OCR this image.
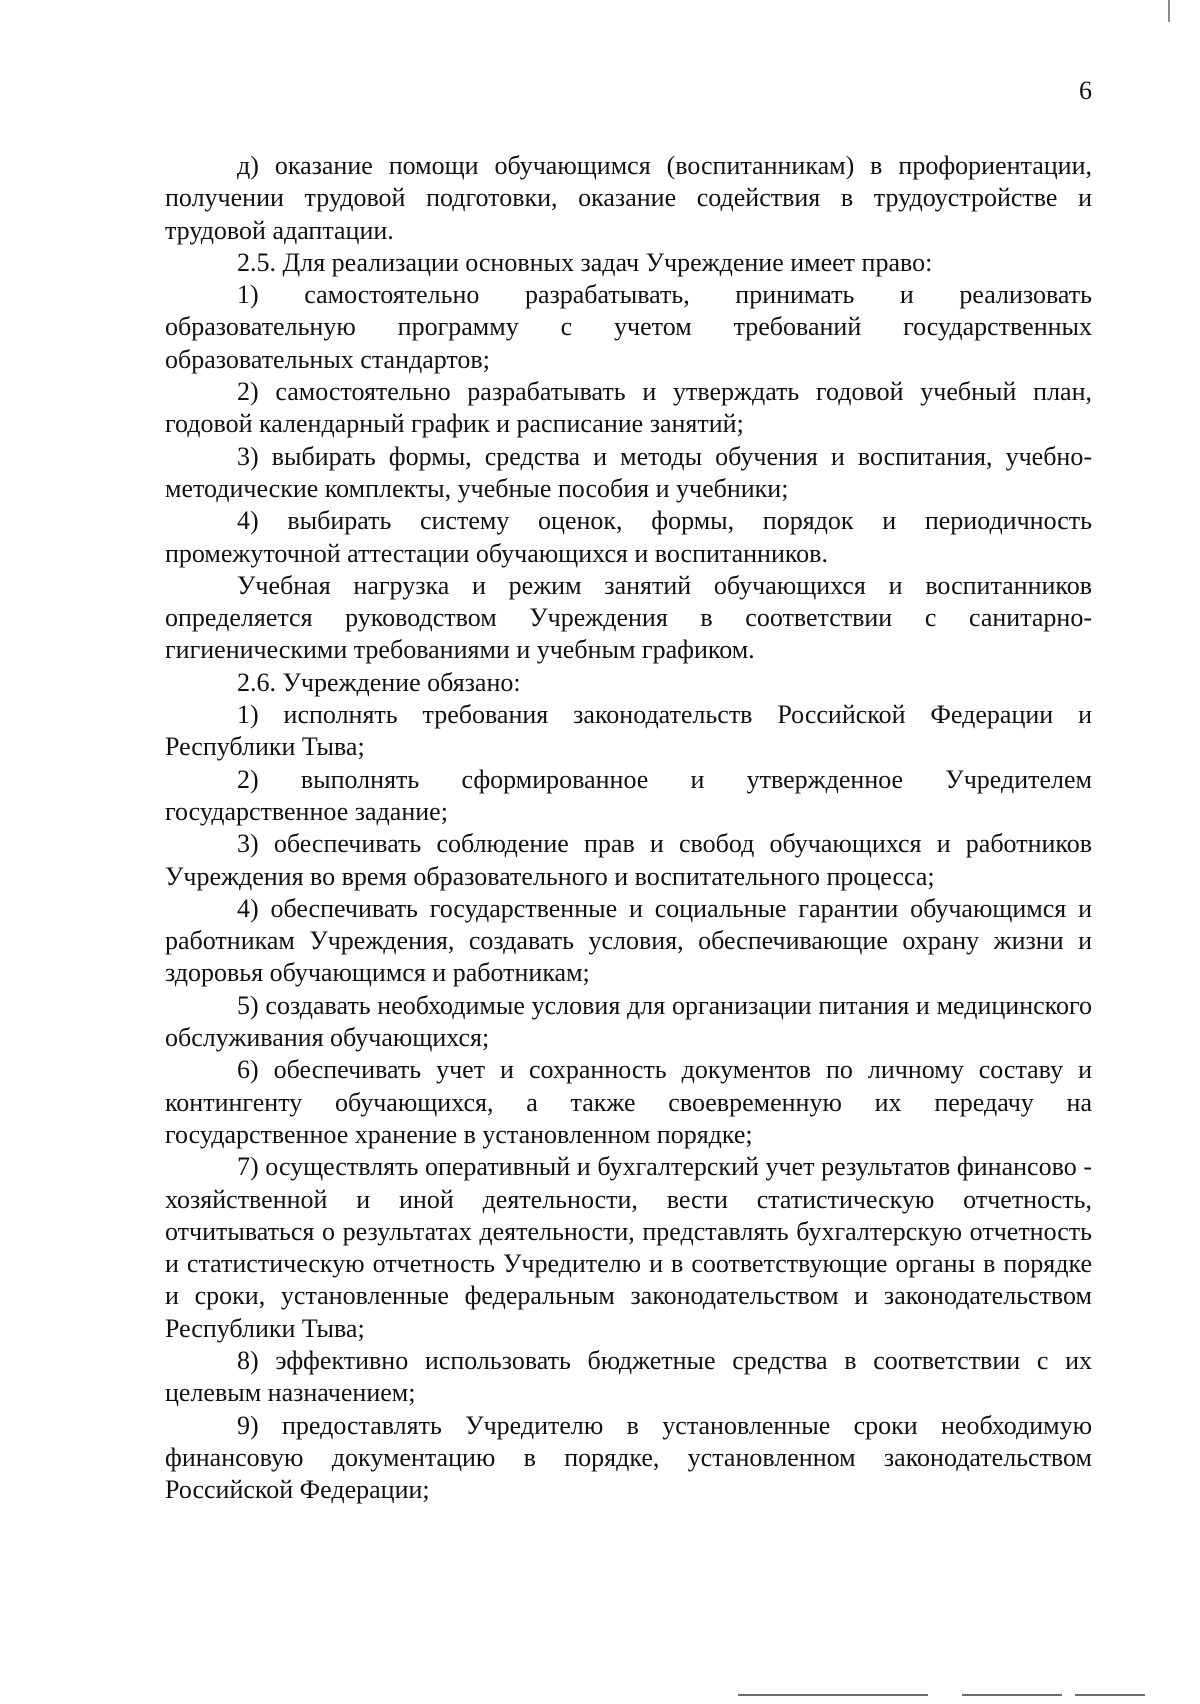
6

д) оказание помощи обучающимся (воспитанникам) в профориентации, получении трудовой подготовки, оказание содействия в трудоустройстве и трудовой адаптации.

2.5. Для реализации основных задач Учреждение имеет право:

1) самостоятельно разрабатывать, принимать и реализовать образовательную программу с учетом требований государственных образовательных стандартов;

2) самостоятельно разрабатывать и утверждать годовой учебный план, годовой календарный график и расписание занятий;

3) выбирать формы, средства и методы обучения и воспитания, учебно-методические комплекты, учебные пособия и учебники;

4) выбирать систему оценок, формы, порядок и периодичность промежуточной аттестации обучающихся и воспитанников.

Учебная нагрузка и режим занятий обучающихся и воспитанников определяется руководством Учреждения в соответствии с санитарно-гигиеническими требованиями и учебным графиком.

2.6. Учреждение обязано:

1) исполнять требования законодательств Российской Федерации и Республики Тыва;

2) выполнять сформированное и утвержденное Учредителем государственное задание;

3) обеспечивать соблюдение прав и свобод обучающихся и работников Учреждения во время образовательного и воспитательного процесса;

4) обеспечивать государственные и социальные гарантии обучающимся и работникам Учреждения, создавать условия, обеспечивающие охрану жизни и здоровья обучающимся и работникам;

5) создавать необходимые условия для организации питания и медицинского обслуживания обучающихся;

6) обеспечивать учет и сохранность документов по личному составу и контингенту обучающихся, а также своевременную их передачу на государственное хранение в установленном порядке;

7) осуществлять оперативный и бухгалтерский учет результатов финансово - хозяйственной и иной деятельности, вести статистическую отчетность, отчитываться о результатах деятельности, представлять бухгалтерскую отчетность и статистическую отчетность Учредителю и в соответствующие органы в порядке и сроки, установленные федеральным законодательством и законодательством Республики Тыва;

8) эффективно использовать бюджетные средства в соответствии с их целевым назначением;

9) предоставлять Учредителю в установленные сроки необходимую финансовую документацию в порядке, установленном законодательством Российской Федерации;
